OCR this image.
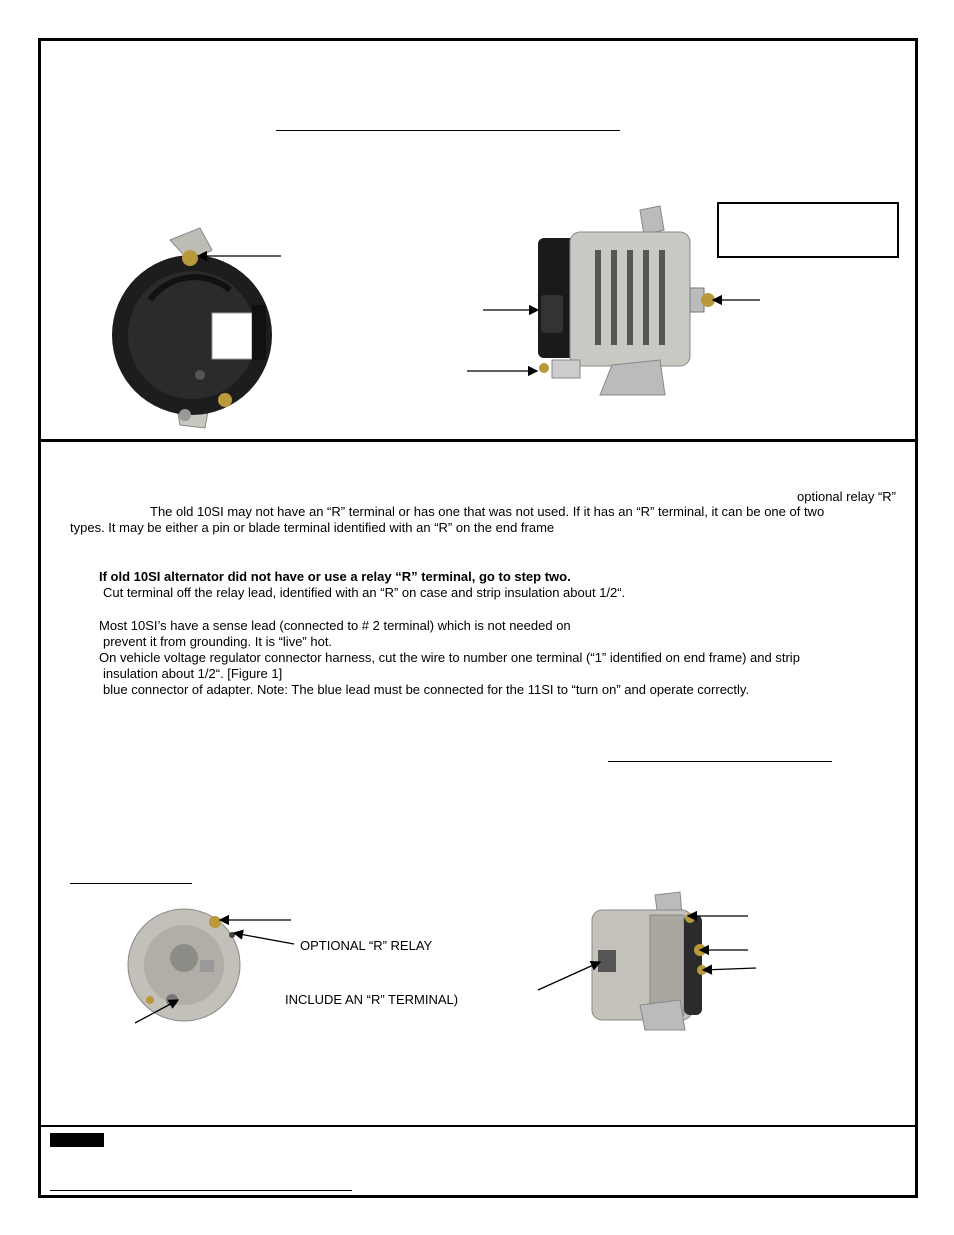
optional relay “R”
The old 10SI may not have an “R” terminal or has one that was not used. If it has an “R” terminal, it can be one of two
types. It may be either a pin or blade terminal identified with an “R” on the end frame
If old 10SI alternator did not have or use a relay “R” terminal, go to step two.
Cut terminal off the relay lead, identified with an “R” on case and strip insulation about 1/2“.
Most 10SI’s have a sense lead (connected to # 2 terminal) which is not needed on
prevent it from grounding. It is “live” hot.
On vehicle voltage regulator connector harness, cut the wire to number one terminal (“1” identified on end frame) and strip
insulation about 1/2“. [Figure 1]
blue connector of adapter. Note: The blue lead must be connected for the 11SI to “turn on” and operate correctly.
OPTIONAL “R” RELAY
INCLUDE AN “R” TERMINAL)
